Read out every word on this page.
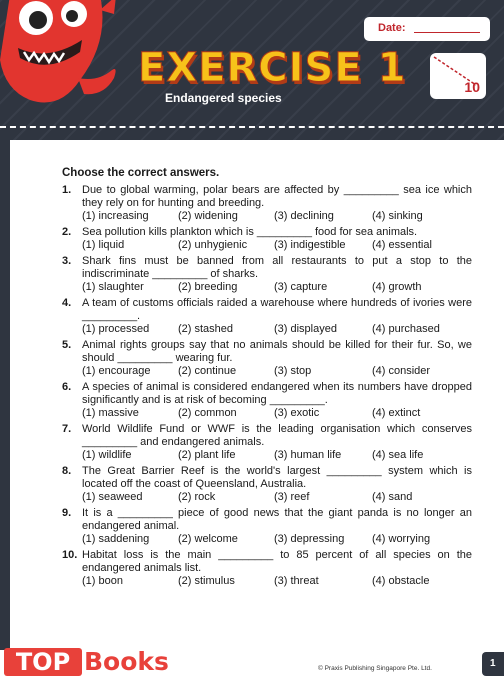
EXERCISE 1
Endangered species
Date:
10
Choose the correct answers.
1. Due to global warming, polar bears are affected by _________ sea ice which they rely on for hunting and breeding.
(1) increasing	(2) widening	(3) declining	(4) sinking
2. Sea pollution kills plankton which is _________ food for sea animals.
(1) liquid	(2) unhygienic	(3) indigestible	(4) essential
3. Shark fins must be banned from all restaurants to put a stop to the indiscriminate _________ of sharks.
(1) slaughter	(2) breeding	(3) capture	(4) growth
4. A team of customs officials raided a warehouse where hundreds of ivories were _________.
(1) processed	(2) stashed	(3) displayed	(4) purchased
5. Animal rights groups say that no animals should be killed for their fur. So, we should _________ wearing fur.
(1) encourage	(2) continue	(3) stop	(4) consider
6. A species of animal is considered endangered when its numbers have dropped significantly and is at risk of becoming _________.
(1) massive	(2) common	(3) exotic	(4) extinct
7. World Wildlife Fund or WWF is the leading organisation which conserves _________ and endangered animals.
(1) wildlife	(2) plant life	(3) human life	(4) sea life
8. The Great Barrier Reef is the world's largest _________ system which is located off the coast of Queensland, Australia.
(1) seaweed	(2) rock	(3) reef	(4) sand
9. It is a _________ piece of good news that the giant panda is no longer an endangered animal.
(1) saddening	(2) welcome	(3) depressing	(4) worrying
10. Habitat loss is the main _________ to 85 percent of all species on the endangered animals list.
(1) boon	(2) stimulus	(3) threat	(4) obstacle
TOP Books	© Praxis Publishing Singapore Pte. Ltd.	1
